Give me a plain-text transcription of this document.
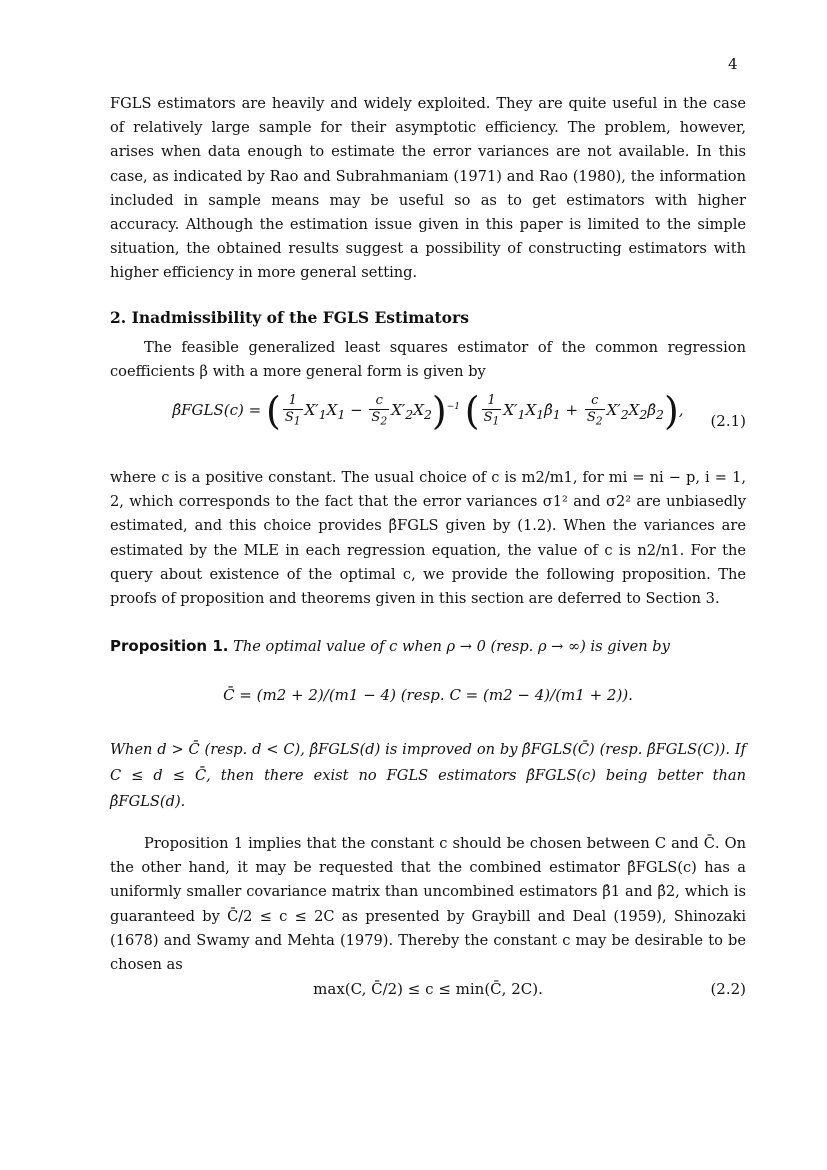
4

FGLS estimators are heavily and widely exploited. They are quite useful in the case of relatively large sample for their asymptotic efficiency. The problem, however, arises when data enough to estimate the error variances are not available. In this case, as indicated by Rao and Subrahmaniam (1971) and Rao (1980), the information included in sample means may be useful so as to get estimators with higher accuracy. Although the estimation issue given in this paper is limited to the simple situation, the obtained results suggest a possibility of constructing estimators with higher efficiency in more general setting.

2. Inadmissibility of the FGLS Estimators

The feasible generalized least squares estimator of the common regression coefficients β with a more general form is given by

β̂FGLS(c) = ( $\frac{1}{S_1} X'_1X_1 - \frac{c}{S_2} X'_2X_2)^{-1}$ ( $\frac{1}{S_1}$ $X'_1X_1\betâ_1 + \frac{c}{S_2}$ $X'_2X_2\betâ_2$),
(2.1)

where c is a positive constant. The usual choice of c is m2/m1, for mi = ni − p, i = 1, 2, which corresponds to the fact that the error variances σ1² and σ2² are unbiasedly estimated, and this choice provides β̂FGLS given by (1.2). When the variances are estimated by the MLE in each regression equation, the value of c is n2/n1. For the query about existence of the optimal c, we provide the following proposition. The proofs of proposition and theorems given in this section are deferred to Section 3.

Proposition 1. The optimal value of c when ρ → 0 (resp. ρ → ∞) is given by

C̄ = (m2 + 2)/(m1 − 4) (resp. C = (m2 − 4)/(m1 + 2)).

When d > C̄ (resp. d < C), β̂FGLS(d) is improved on by β̂FGLS(C̄) (resp. β̂FGLS(C)). If C ≤ d ≤ C̄, then there exist no FGLS estimators β̂FGLS(c) being better than β̂FGLS(d).

Proposition 1 implies that the constant c should be chosen between C and C̄. On the other hand, it may be requested that the combined estimator β̂FGLS(c) has a uniformly smaller covariance matrix than uncombined estimators β̂1 and β̂2, which is guaranteed by C̄/2 ≤ c ≤ 2C as presented by Graybill and Deal (1959), Shinozaki (1678) and Swamy and Mehta (1979). Thereby the constant c may be desirable to be chosen as

max(C, C̄/2) ≤ c ≤ min(C̄, 2C).	(2.2)
